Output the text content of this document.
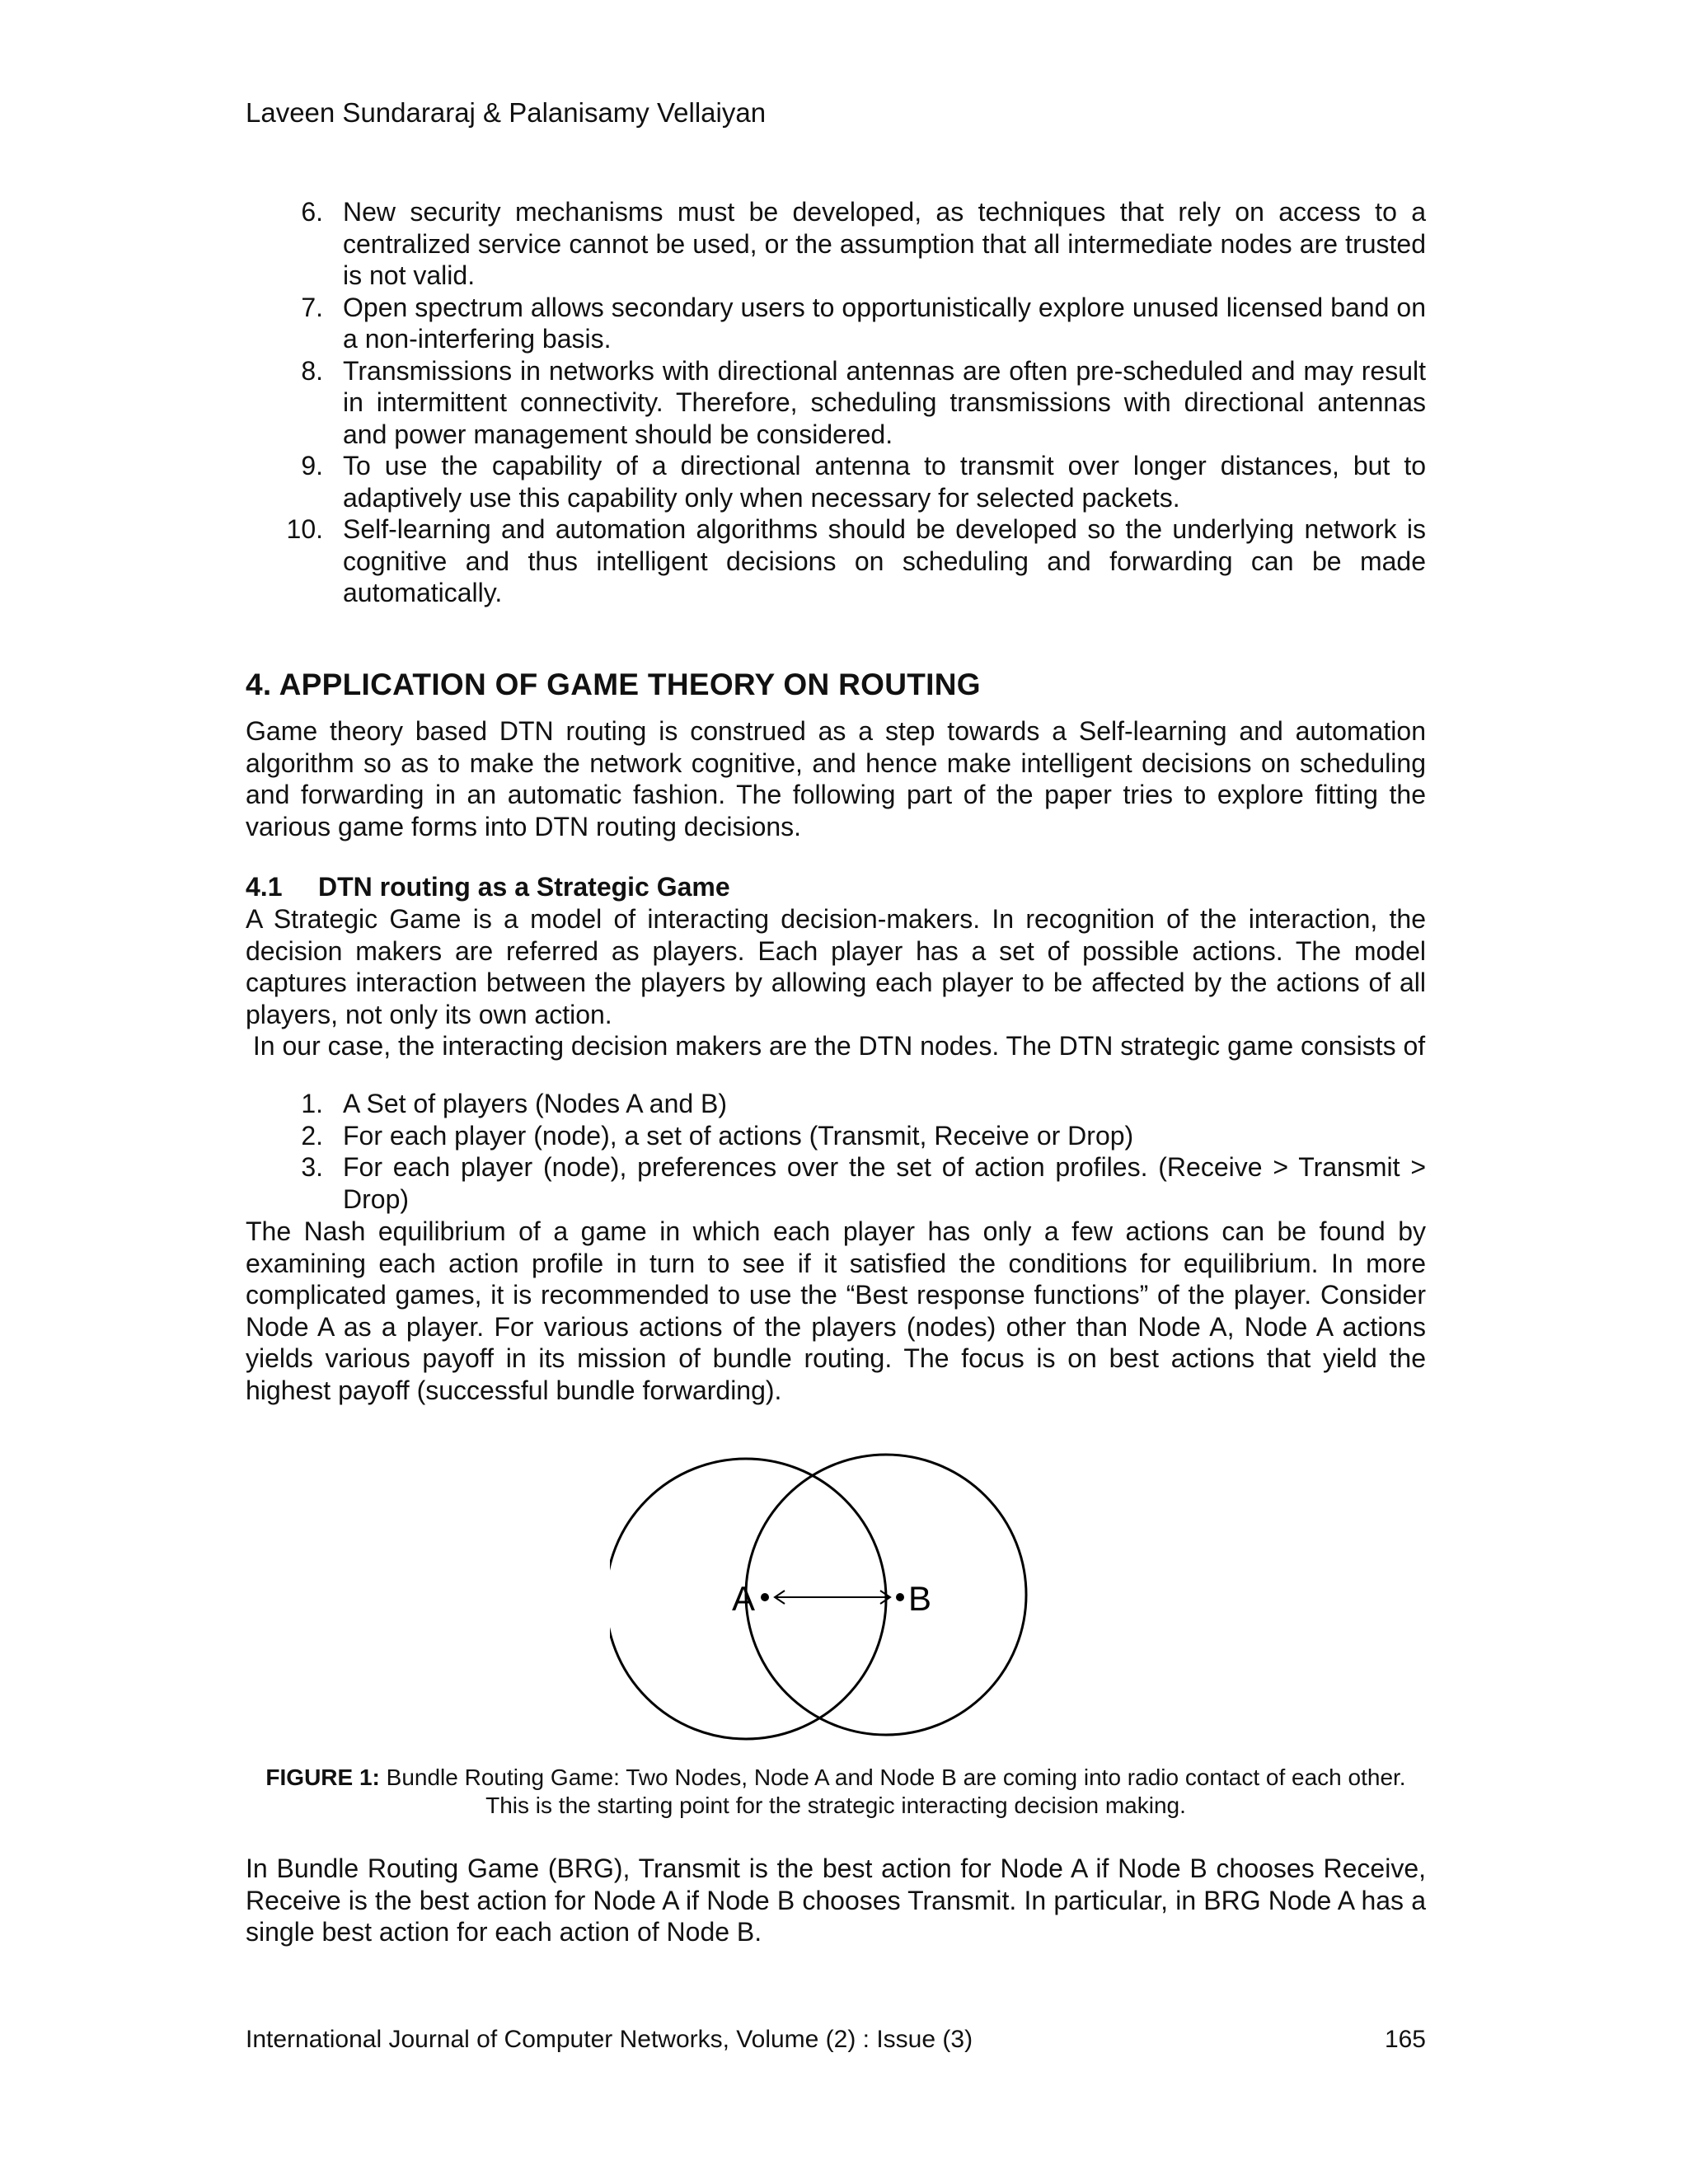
Laveen Sundararaj & Palanisamy Vellaiyan
6. New security mechanisms must be developed, as techniques that rely on access to a centralized service cannot be used, or the assumption that all intermediate nodes are trusted is not valid.
7. Open spectrum allows secondary users to opportunistically explore unused licensed band on a non-interfering basis.
8. Transmissions in networks with directional antennas are often pre-scheduled and may result in intermittent connectivity. Therefore, scheduling transmissions with directional antennas and power management should be considered.
9. To use the capability of a directional antenna to transmit over longer distances, but to adaptively use this capability only when necessary for selected packets.
10. Self-learning and automation algorithms should be developed so the underlying network is cognitive and thus intelligent decisions on scheduling and forwarding can be made automatically.
4. APPLICATION OF GAME THEORY ON ROUTING
Game theory based DTN routing is construed as a step towards a Self-learning and automation algorithm so as to make the network cognitive, and hence make intelligent decisions on scheduling and forwarding in an automatic fashion. The following part of the paper tries to explore fitting the various game forms into DTN routing decisions.
4.1 DTN routing as a Strategic Game
A Strategic Game is a model of interacting decision-makers. In recognition of the interaction, the decision makers are referred as players. Each player has a set of possible actions. The model captures interaction between the players by allowing each player to be affected by the actions of all players, not only its own action.
In our case, the interacting decision makers are the DTN nodes. The DTN strategic game consists of
1. A Set of players (Nodes A and B)
2. For each player (node), a set of actions (Transmit, Receive or Drop)
3. For each player (node), preferences over the set of action profiles. (Receive > Transmit > Drop)
The Nash equilibrium of a game in which each player has only a few actions can be found by examining each action profile in turn to see if it satisfied the conditions for equilibrium. In more complicated games, it is recommended to use the “Best response functions” of the player. Consider Node A as a player. For various actions of the players (nodes) other than Node A, Node A actions yields various payoff in its mission of bundle routing. The focus is on best actions that yield the highest payoff (successful bundle forwarding).
A	B
FIGURE 1: Bundle Routing Game: Two Nodes, Node A and Node B are coming into radio contact of each other. This is the starting point for the strategic interacting decision making.
In Bundle Routing Game (BRG), Transmit is the best action for Node A if Node B chooses Receive, Receive is the best action for Node A if Node B chooses Transmit. In particular, in BRG Node A has a single best action for each action of Node B.
International Journal of Computer Networks, Volume (2) : Issue (3)	165
